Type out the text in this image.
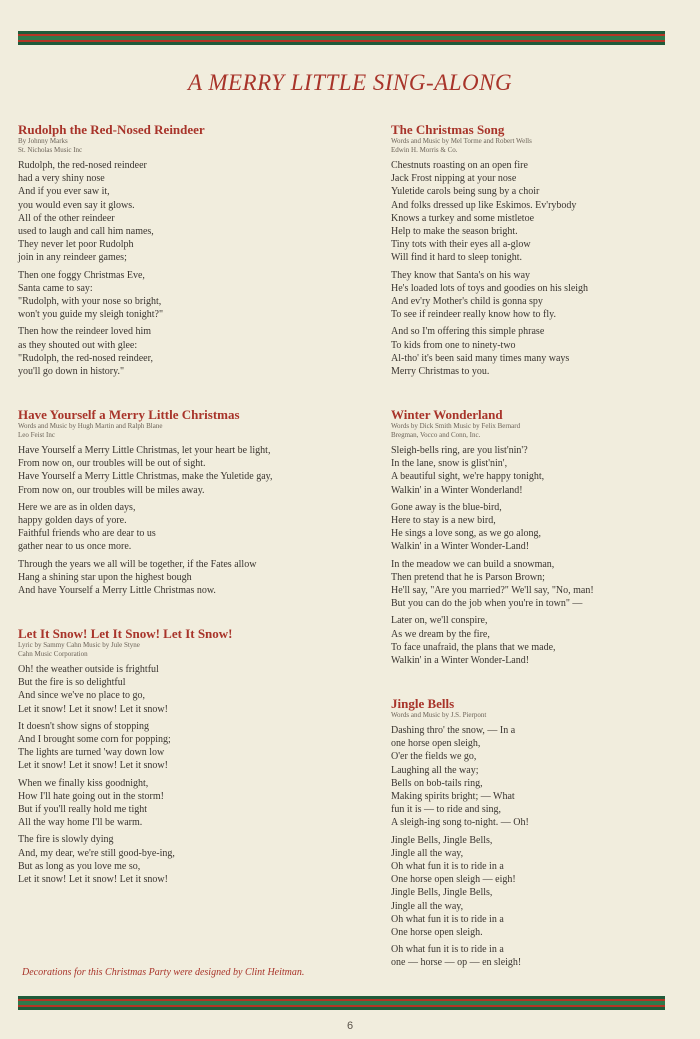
A MERRY LITTLE SING-ALONG
Rudolph the Red-Nosed Reindeer
By Johnny Marks
St. Nicholas Music Inc
Rudolph, the red-nosed reindeer
had a very shiny nose
And if you ever saw it,
you would even say it glows.
All of the other reindeer
used to laugh and call him names,
They never let poor Rudolph
join in any reindeer games;
Then one foggy Christmas Eve,
Santa came to say:
"Rudolph, with your nose so bright,
won't you guide my sleigh tonight?"
Then how the reindeer loved him
as they shouted out with glee:
"Rudolph, the red-nosed reindeer,
you'll go down in history."
The Christmas Song
Words and Music by Mel Torme and Robert Wells
Edwin H. Morris & Co.
Chestnuts roasting on an open fire
Jack Frost nipping at your nose
Yuletide carols being sung by a choir
And folks dressed up like Eskimos. Ev'rybody
Knows a turkey and some mistletoe
Help to make the season bright.
Tiny tots with their eyes all a-glow
Will find it hard to sleep tonight.
They know that Santa's on his way
He's loaded lots of toys and goodies on his sleigh
And ev'ry Mother's child is gonna spy
To see if reindeer really know how to fly.
And so I'm offering this simple phrase
To kids from one to ninety-two
Al-tho' it's been said many times many ways
Merry Christmas to you.
Have Yourself a Merry Little Christmas
Words and Music by Hugh Martin and Ralph Blane
Leo Feist Inc
Have Yourself a Merry Little Christmas, let your heart be light,
From now on, our troubles will be out of sight.
Have Yourself a Merry Little Christmas, make the Yuletide gay,
From now on, our troubles will be miles away.
Here we are as in olden days,
happy golden days of yore.
Faithful friends who are dear to us
gather near to us once more.
Through the years we all will be together, if the Fates allow
Hang a shining star upon the highest bough
And have Yourself a Merry Little Christmas now.
Winter Wonderland
Words by Dick Smith Music by Felix Bernard
Bregman, Vocco and Conn, Inc.
Sleigh-bells ring, are you list'nin'?
In the lane, snow is glist'nin',
A beautiful sight, we're happy tonight,
Walkin' in a Winter Wonderland!
Gone away is the blue-bird,
Here to stay is a new bird,
He sings a love song, as we go along,
Walkin' in a Winter Wonder-Land!
In the meadow we can build a snowman,
Then pretend that he is Parson Brown;
He'll say, "Are you married?" We'll say, "No, man!
But you can do the job when you're in town" —
Later on, we'll conspire,
As we dream by the fire,
To face unafraid, the plans that we made,
Walkin' in a Winter Wonder-Land!
Let It Snow! Let It Snow! Let It Snow!
Lyric by Sammy Cahn Music by Jule Styne
Cahn Music Corporation
Oh! the weather outside is frightful
But the fire is so delightful
And since we've no place to go,
Let it snow! Let it snow! Let it snow!
It doesn't show signs of stopping
And I brought some corn for popping;
The lights are turned 'way down low
Let it snow! Let it snow! Let it snow!
When we finally kiss goodnight,
How I'll hate going out in the storm!
But if you'll really hold me tight
All the way home I'll be warm.
The fire is slowly dying
And, my dear, we're still good-bye-ing,
But as long as you love me so,
Let it snow! Let it snow! Let it snow!
Jingle Bells
Words and Music by J.S. Pierpont
Dashing thro' the snow, — In a
one horse open sleigh,
O'er the fields we go,
Laughing all the way;
Bells on bob-tails ring,
Making spirits bright; — What
fun it is — to ride and sing,
A sleigh-ing song to-night. — Oh!
Jingle Bells, Jingle Bells,
Jingle all the way,
Oh what fun it is to ride in a
One horse open sleigh — eigh!
Jingle Bells, Jingle Bells,
Jingle all the way,
Oh what fun it is to ride in a
One horse open sleigh.
Oh what fun it is to ride in a
one — horse — op — en sleigh!
Decorations for this Christmas Party were designed by Clint Heitman.
6
